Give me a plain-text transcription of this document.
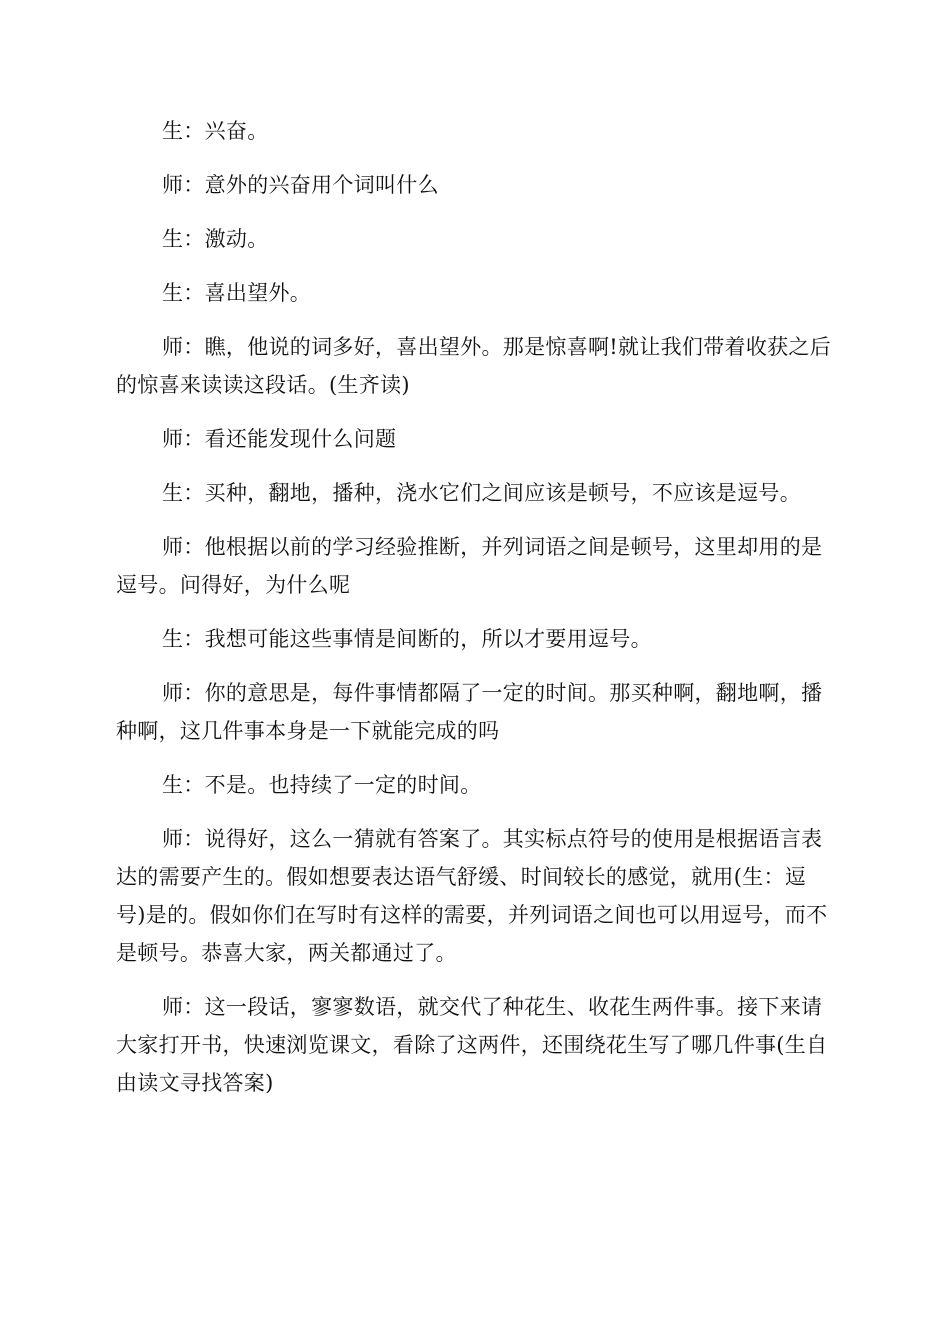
生：兴奋。

师：意外的兴奋用个词叫什么

生：激动。

生：喜出望外。

师：瞧，他说的词多好，喜出望外。那是惊喜啊!就让我们带着收获之后的惊喜来读读这段话。(生齐读)

师：看还能发现什么问题

生：买种，翻地，播种，浇水它们之间应该是顿号，不应该是逗号。

师：他根据以前的学习经验推断，并列词语之间是顿号，这里却用的是逗号。问得好，为什么呢

生：我想可能这些事情是间断的，所以才要用逗号。

师：你的意思是，每件事情都隔了一定的时间。那买种啊，翻地啊，播种啊，这几件事本身是一下就能完成的吗

生：不是。也持续了一定的时间。

师：说得好，这么一猜就有答案了。其实标点符号的使用是根据语言表达的需要产生的。假如想要表达语气舒缓、时间较长的感觉，就用(生：逗号)是的。假如你们在写时有这样的需要，并列词语之间也可以用逗号，而不是顿号。恭喜大家，两关都通过了。

师：这一段话，寥寥数语，就交代了种花生、收花生两件事。接下来请大家打开书，快速浏览课文，看除了这两件，还围绕花生写了哪几件事(生自由读文寻找答案)
